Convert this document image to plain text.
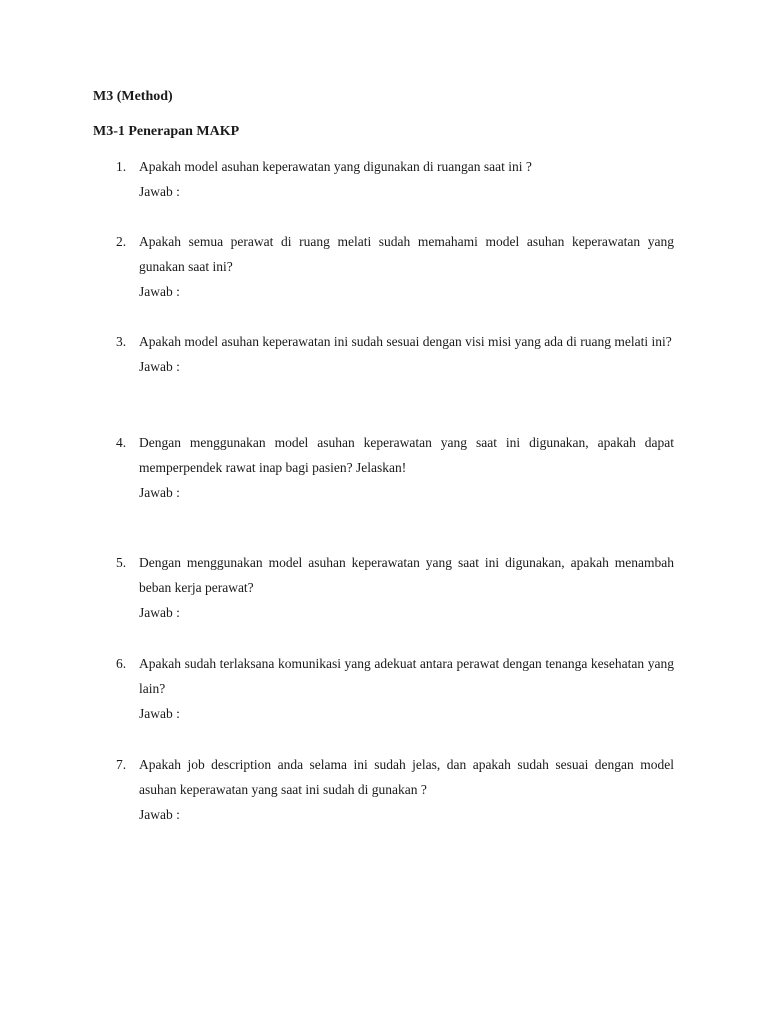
M3 (Method)

M3-1 Penerapan MAKP

1. Apakah model asuhan keperawatan yang digunakan di ruangan saat ini ?

Jawab :

2. Apakah semua perawat di ruang melati sudah memahami model asuhan keperawatan yang gunakan saat ini?

Jawab :

3. Apakah model asuhan keperawatan ini sudah sesuai dengan visi misi yang ada di ruang melati ini?

Jawab :

4. Dengan menggunakan model asuhan keperawatan yang saat ini digunakan, apakah dapat memperpendek rawat inap bagi pasien? Jelaskan!

Jawab :

5. Dengan menggunakan model asuhan keperawatan yang saat ini digunakan, apakah menambah beban kerja perawat?

Jawab :

6. Apakah sudah terlaksana komunikasi yang adekuat antara perawat dengan tenanga kesehatan yang lain?

Jawab :

7. Apakah job description anda selama ini sudah jelas, dan apakah sudah sesuai dengan model asuhan keperawatan yang saat ini sudah di gunakan ?

Jawab :
